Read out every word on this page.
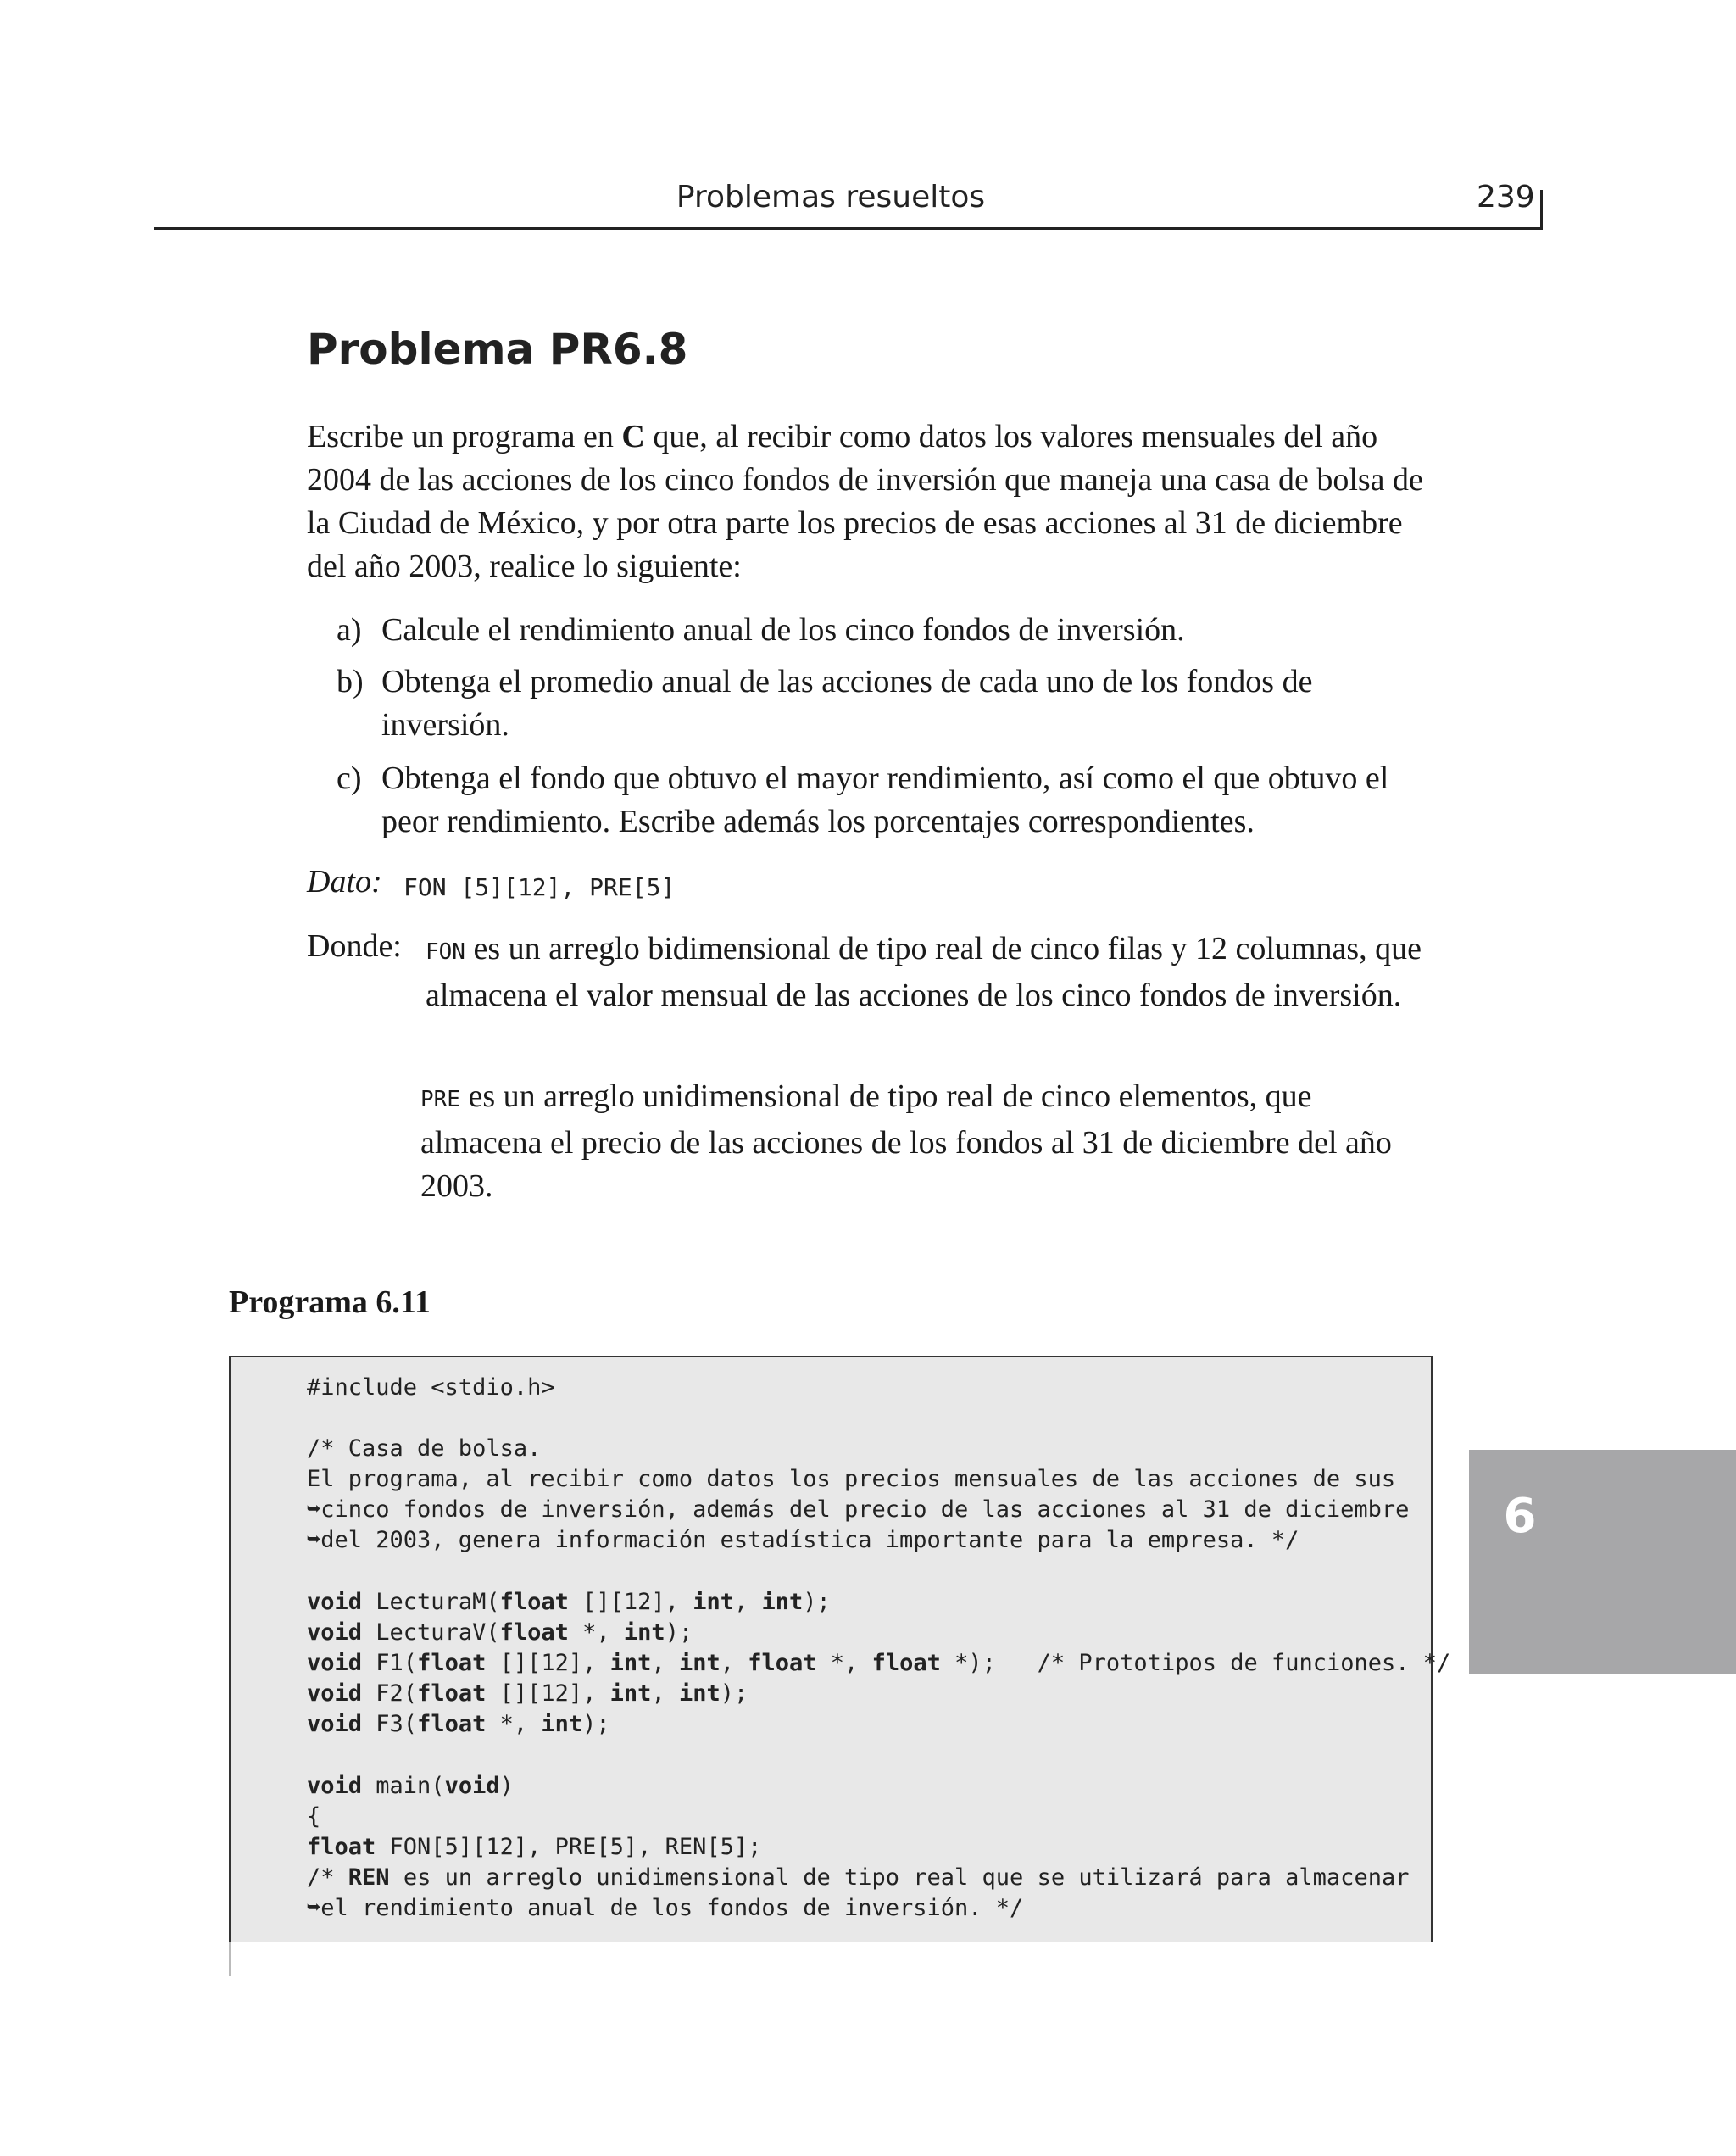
Problemas resueltos	239
Problema PR6.8
Escribe un programa en C que, al recibir como datos los valores mensuales del año 2004 de las acciones de los cinco fondos de inversión que maneja una casa de bolsa de la Ciudad de México, y por otra parte los precios de esas acciones al 31 de diciembre del año 2003, realice lo siguiente:
a) Calcule el rendimiento anual de los cinco fondos de inversión.
b) Obtenga el promedio anual de las acciones de cada uno de los fondos de inversión.
c) Obtenga el fondo que obtuvo el mayor rendimiento, así como el que obtuvo el peor rendimiento. Escribe además los porcentajes correspondientes.
Dato: FON [5][12], PRE[5]
Donde: FON es un arreglo bidimensional de tipo real de cinco filas y 12 columnas, que almacena el valor mensual de las acciones de los cinco fondos de inversión.
PRE es un arreglo unidimensional de tipo real de cinco elementos, que almacena el precio de las acciones de los fondos al 31 de diciembre del año 2003.
Programa 6.11
#include <stdio.h>
/* Casa de bolsa.
El programa, al recibir como datos los precios mensuales de las acciones de sus
➥cinco fondos de inversión, además del precio de las acciones al 31 de diciembre
➥del 2003, genera información estadística importante para la empresa. */
void LecturaM(float [][12], int, int);
void LecturaV(float *, int);
void F1(float [][12], int, int, float *, float *);   /* Prototipos de funciones. */
void F2(float [][12], int, int);
void F3(float *, int);
void main(void)
{
float FON[5][12], PRE[5], REN[5];
/* REN es un arreglo unidimensional de tipo real que se utilizará para almacenar
➥el rendimiento anual de los fondos de inversión. */
6
